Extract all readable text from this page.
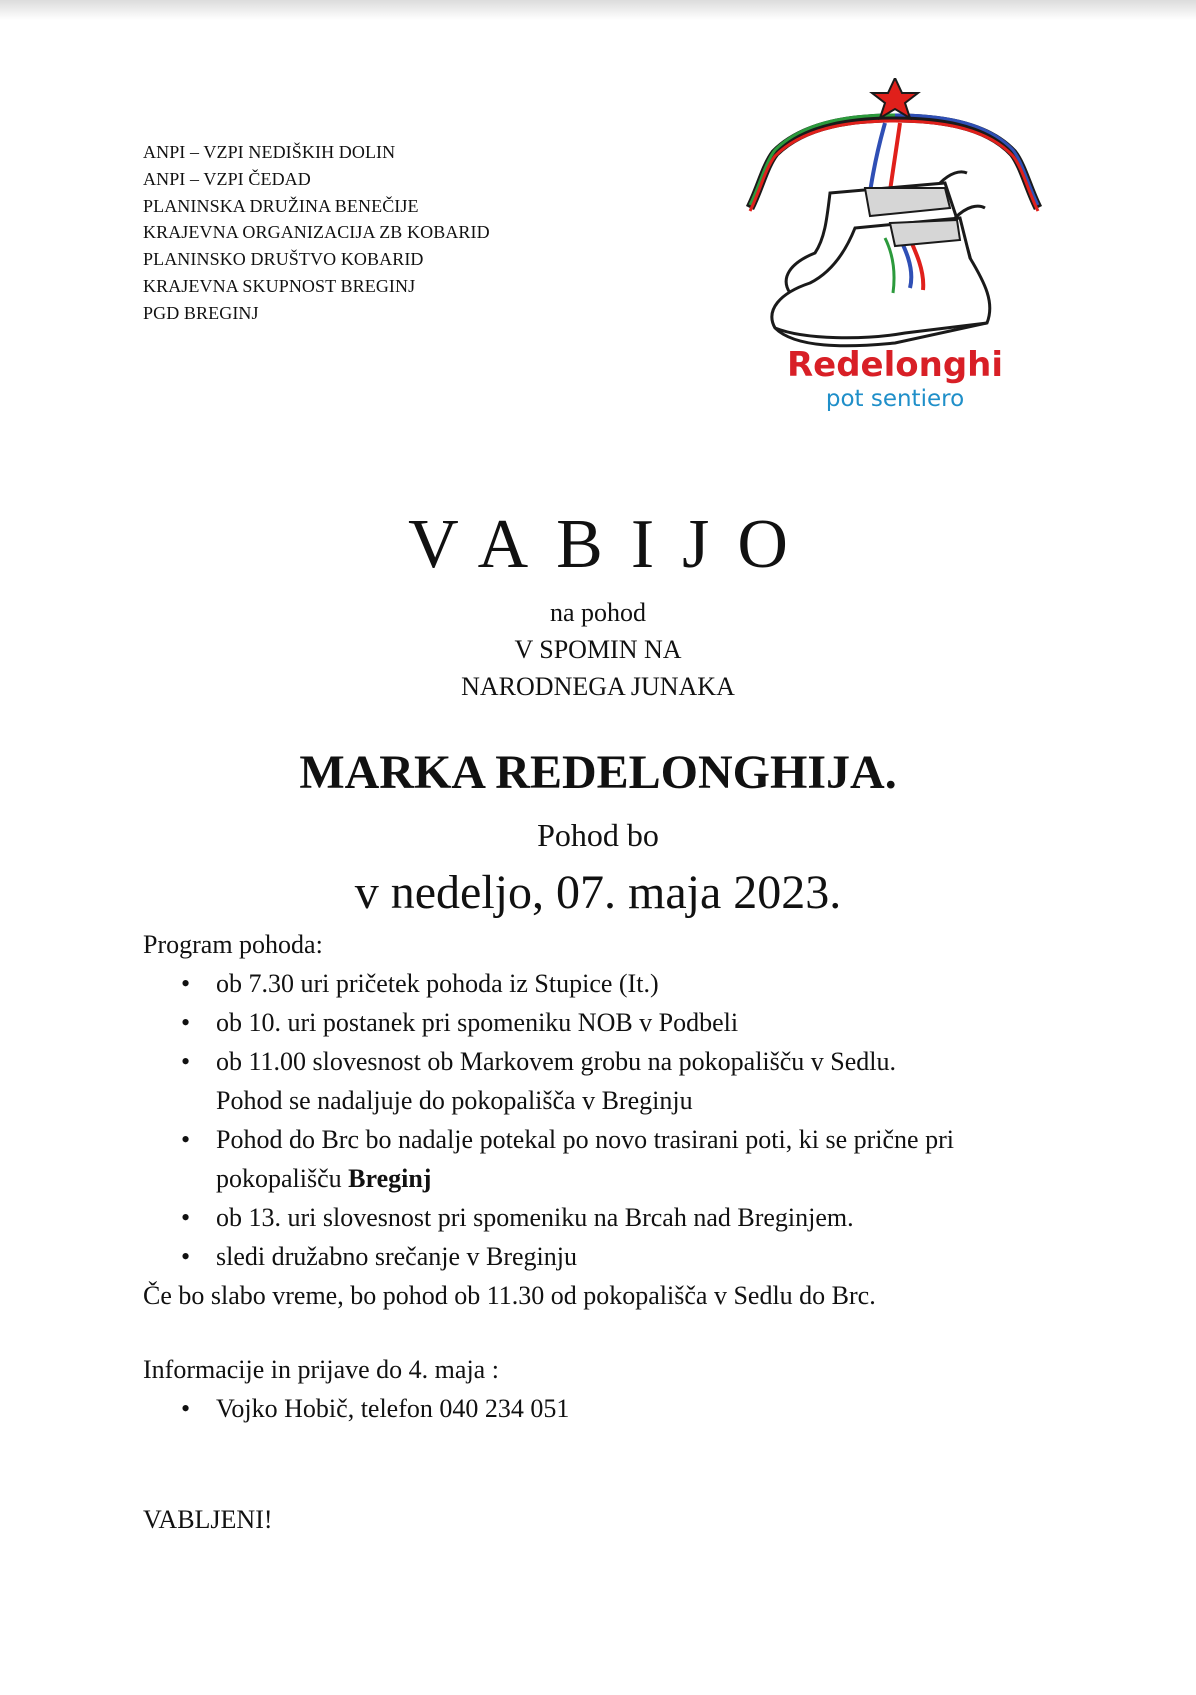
ANPI – VZPI NEDIŠKIH DOLIN
ANPI – VZPI ČEDAD
PLANINSKA DRUŽINA BENEČIJE
KRAJEVNA ORGANIZACIJA ZB KOBARID
PLANINSKO DRUŠTVO KOBARID
KRAJEVNA SKUPNOST BREGINJ
PGD BREGINJ
Redelonghi
pot sentiero
VABIJO
na pohod
V SPOMIN NA
NARODNEGA JUNAKA
MARKA REDELONGHIJA.
Pohod bo
v nedeljo, 07. maja 2023.
Program pohoda:
• ob 7.30 uri pričetek pohoda iz Stupice (It.)
• ob 10. uri postanek pri spomeniku NOB v Podbeli
• ob 11.00 slovesnost ob Markovem grobu na pokopališču v Sedlu.
Pohod se nadaljuje do pokopališča v Breginju
• Pohod do Brc bo nadalje potekal po novo trasirani poti, ki se prične pri
pokopališču Breginj
• ob 13. uri slovesnost pri spomeniku na Brcah nad Breginjem.
• sledi družabno srečanje v Breginju
Če bo slabo vreme, bo pohod ob 11.30 od pokopališča v Sedlu do Brc.
Informacije in prijave do 4. maja :
• Vojko Hobič, telefon 040 234 051
VABLJENI!
